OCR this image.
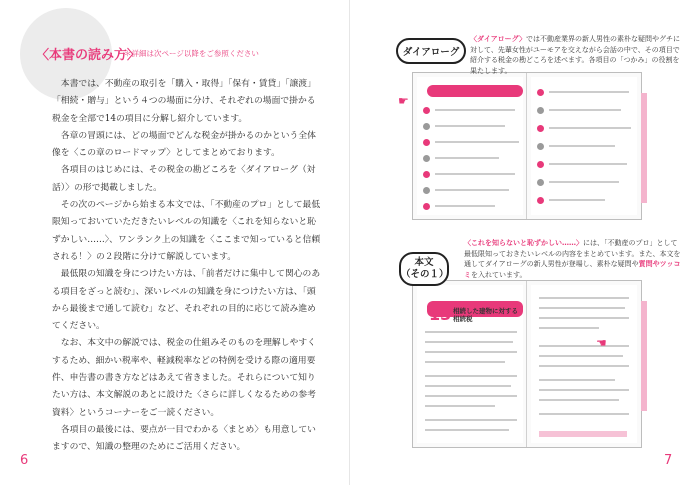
〈本書の読み方〉
＊詳細は次ページ以降をご参照ください

本書では、不動産の取引を「購入・取得」「保有・賃貸」「譲渡」「相続・贈与」という４つの場面に分け、それぞれの場面で掛かる税金を全部で14の項目に分解し紹介しています。

各章の冒頭には、どの場面でどんな税金が掛かるのかという全体像を〈この章のロードマップ〉としてまとめております。

各項目のはじめには、その税金の勘どころを〈ダイアローグ（対話）〉の形で掲載しました。

その次のページから始まる本文では、「不動産のプロ」として最低限知っておいていただきたいレベルの知識を〈これを知らないと恥ずかしい……〉、ワンランク上の知識を〈ここまで知っていると信頼される！〉の２段階に分けて解説しています。

最低限の知識を身につけたい方は、「前者だけに集中して関心のある項目をざっと読む」、深いレベルの知識を身につけたい方は、「頭から最後まで通して読む」など、それぞれの目的に応じて読み進めてください。

なお、本文中の解説では、税金の仕組みそのものを理解しやすくするため、細かい税率や、軽減税率などの特例を受ける際の適用要件、申告書の書き方などはあえて省きました。それらについて知りたい方は、本文解説のあとに設けた〈さらに詳しくなるための参考資料〉というコーナーをご一読ください。

各項目の最後には、要点が一目でわかる〈まとめ〉も用意していますので、知識の整理のためにご活用ください。

6
13 相続した建物に対する相続税
ダイアローグ
〈ダイアローグ〉では不動産業界の新人男性の素朴な疑問やグチに対して、先輩女性がユーモアを交えながら会話の中で、その項目で紹介する税金の勘どころを述べます。各項目の「つかみ」の役割を果たします。
本文
（その１）
〈これを知らないと恥ずかしい……〉には、「不動産のプロ」として最低限知っておきたいレベルの内容をまとめています。また、本文を通してダイアローグの新人男性が登場し、素朴な疑問や質問やツッコミを入れています。
☛
☚
7
